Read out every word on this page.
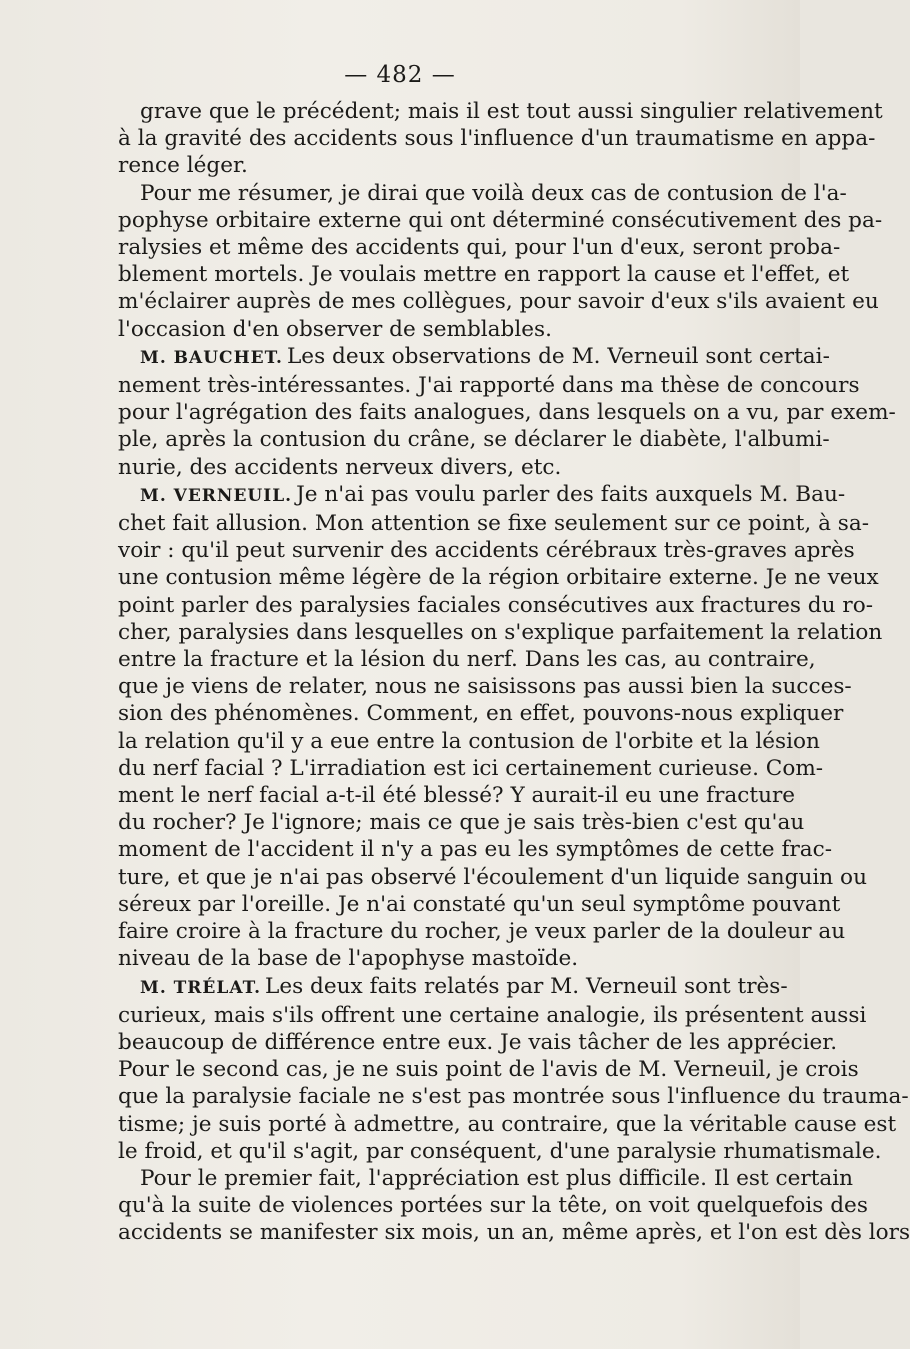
— 482 —
grave que le précédent; mais il est tout aussi singulier relativement
à la gravité des accidents sous l'influence d'un traumatisme en appa-
rence léger.
Pour me résumer, je dirai que voilà deux cas de contusion de l'a-
pophyse orbitaire externe qui ont déterminé consécutivement des pa-
ralysies et même des accidents qui, pour l'un d'eux, seront proba-
blement mortels. Je voulais mettre en rapport la cause et l'effet, et
m'éclairer auprès de mes collègues, pour savoir d'eux s'ils avaient eu
l'occasion d'en observer de semblables.
M. BAUCHET. Les deux observations de M. Verneuil sont certai-
nement très-intéressantes. J'ai rapporté dans ma thèse de concours
pour l'agrégation des faits analogues, dans lesquels on a vu, par exem-
ple, après la contusion du crâne, se déclarer le diabète, l'albumi-
nurie, des accidents nerveux divers, etc.
M. VERNEUIL. Je n'ai pas voulu parler des faits auxquels M. Bau-
chet fait allusion. Mon attention se fixe seulement sur ce point, à sa-
voir : qu'il peut survenir des accidents cérébraux très-graves après
une contusion même légère de la région orbitaire externe. Je ne veux
point parler des paralysies faciales consécutives aux fractures du ro-
cher, paralysies dans lesquelles on s'explique parfaitement la relation
entre la fracture et la lésion du nerf. Dans les cas, au contraire,
que je viens de relater, nous ne saisissons pas aussi bien la succes-
sion des phénomènes. Comment, en effet, pouvons-nous expliquer
la relation qu'il y a eue entre la contusion de l'orbite et la lésion
du nerf facial ? L'irradiation est ici certainement curieuse. Com-
ment le nerf facial a-t-il été blessé? Y aurait-il eu une fracture
du rocher? Je l'ignore; mais ce que je sais très-bien c'est qu'au
moment de l'accident il n'y a pas eu les symptômes de cette frac-
ture, et que je n'ai pas observé l'écoulement d'un liquide sanguin ou
séreux par l'oreille. Je n'ai constaté qu'un seul symptôme pouvant
faire croire à la fracture du rocher, je veux parler de la douleur au
niveau de la base de l'apophyse mastoïde.
M. TRÉLAT. Les deux faits relatés par M. Verneuil sont très-
curieux, mais s'ils offrent une certaine analogie, ils présentent aussi
beaucoup de différence entre eux. Je vais tâcher de les apprécier.
Pour le second cas, je ne suis point de l'avis de M. Verneuil, je crois
que la paralysie faciale ne s'est pas montrée sous l'influence du trauma-
tisme; je suis porté à admettre, au contraire, que la véritable cause est
le froid, et qu'il s'agit, par conséquent, d'une paralysie rhumatismale.
Pour le premier fait, l'appréciation est plus difficile. Il est certain
qu'à la suite de violences portées sur la tête, on voit quelquefois des
accidents se manifester six mois, un an, même après, et l'on est dès lors
